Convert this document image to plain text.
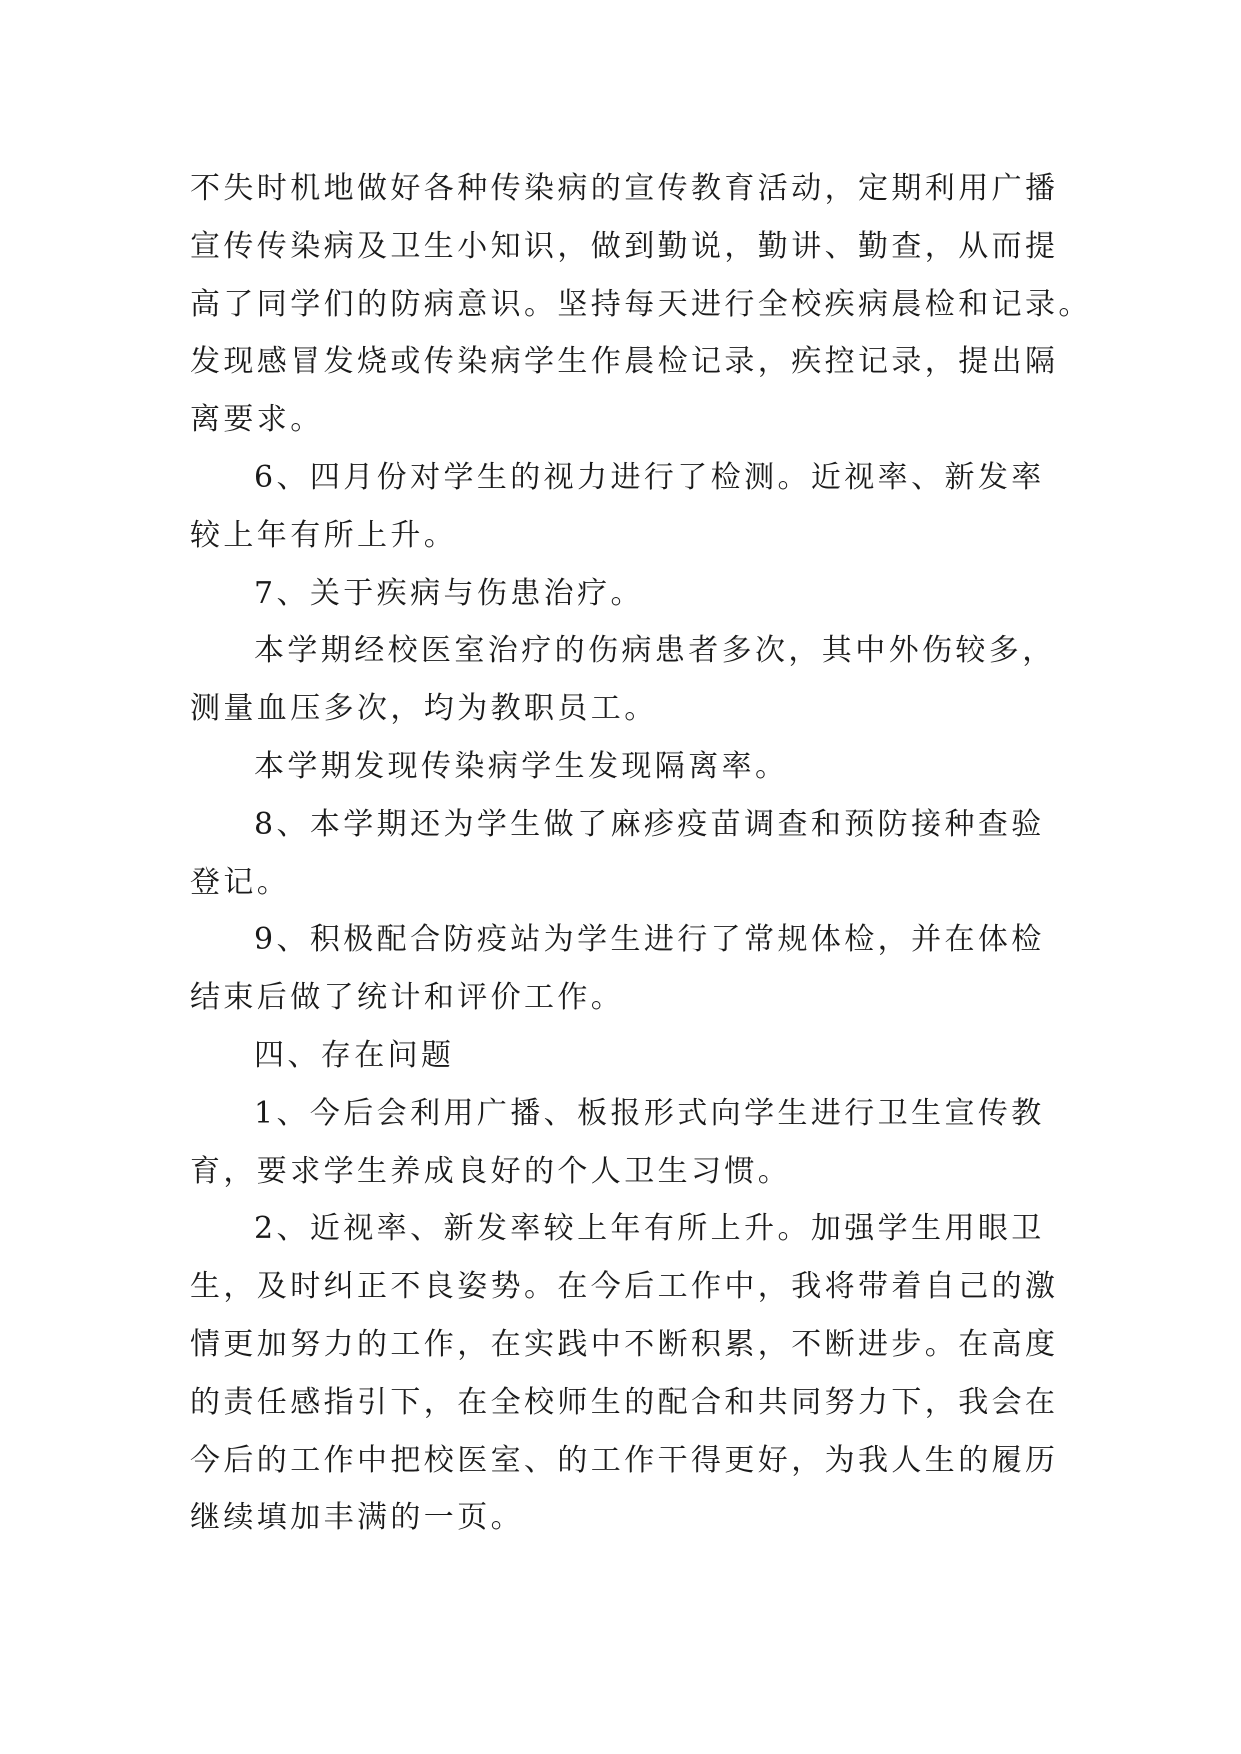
不失时机地做好各种传染病的宣传教育活动，定期利用广播
宣传传染病及卫生小知识，做到勤说，勤讲、勤查，从而提
高了同学们的防病意识。坚持每天进行全校疾病晨检和记录。
发现感冒发烧或传染病学生作晨检记录，疾控记录，提出隔
离要求。
6、四月份对学生的视力进行了检测。近视率、新发率
较上年有所上升。
7、关于疾病与伤患治疗。
本学期经校医室治疗的伤病患者多次，其中外伤较多，
测量血压多次，均为教职员工。
本学期发现传染病学生发现隔离率。
8、本学期还为学生做了麻疹疫苗调查和预防接种查验
登记。
9、积极配合防疫站为学生进行了常规体检，并在体检
结束后做了统计和评价工作。
四、存在问题
1、今后会利用广播、板报形式向学生进行卫生宣传教
育，要求学生养成良好的个人卫生习惯。
2、近视率、新发率较上年有所上升。加强学生用眼卫
生，及时纠正不良姿势。在今后工作中，我将带着自己的激
情更加努力的工作，在实践中不断积累，不断进步。在高度
的责任感指引下，在全校师生的配合和共同努力下，我会在
今后的工作中把校医室、的工作干得更好，为我人生的履历
继续填加丰满的一页。
